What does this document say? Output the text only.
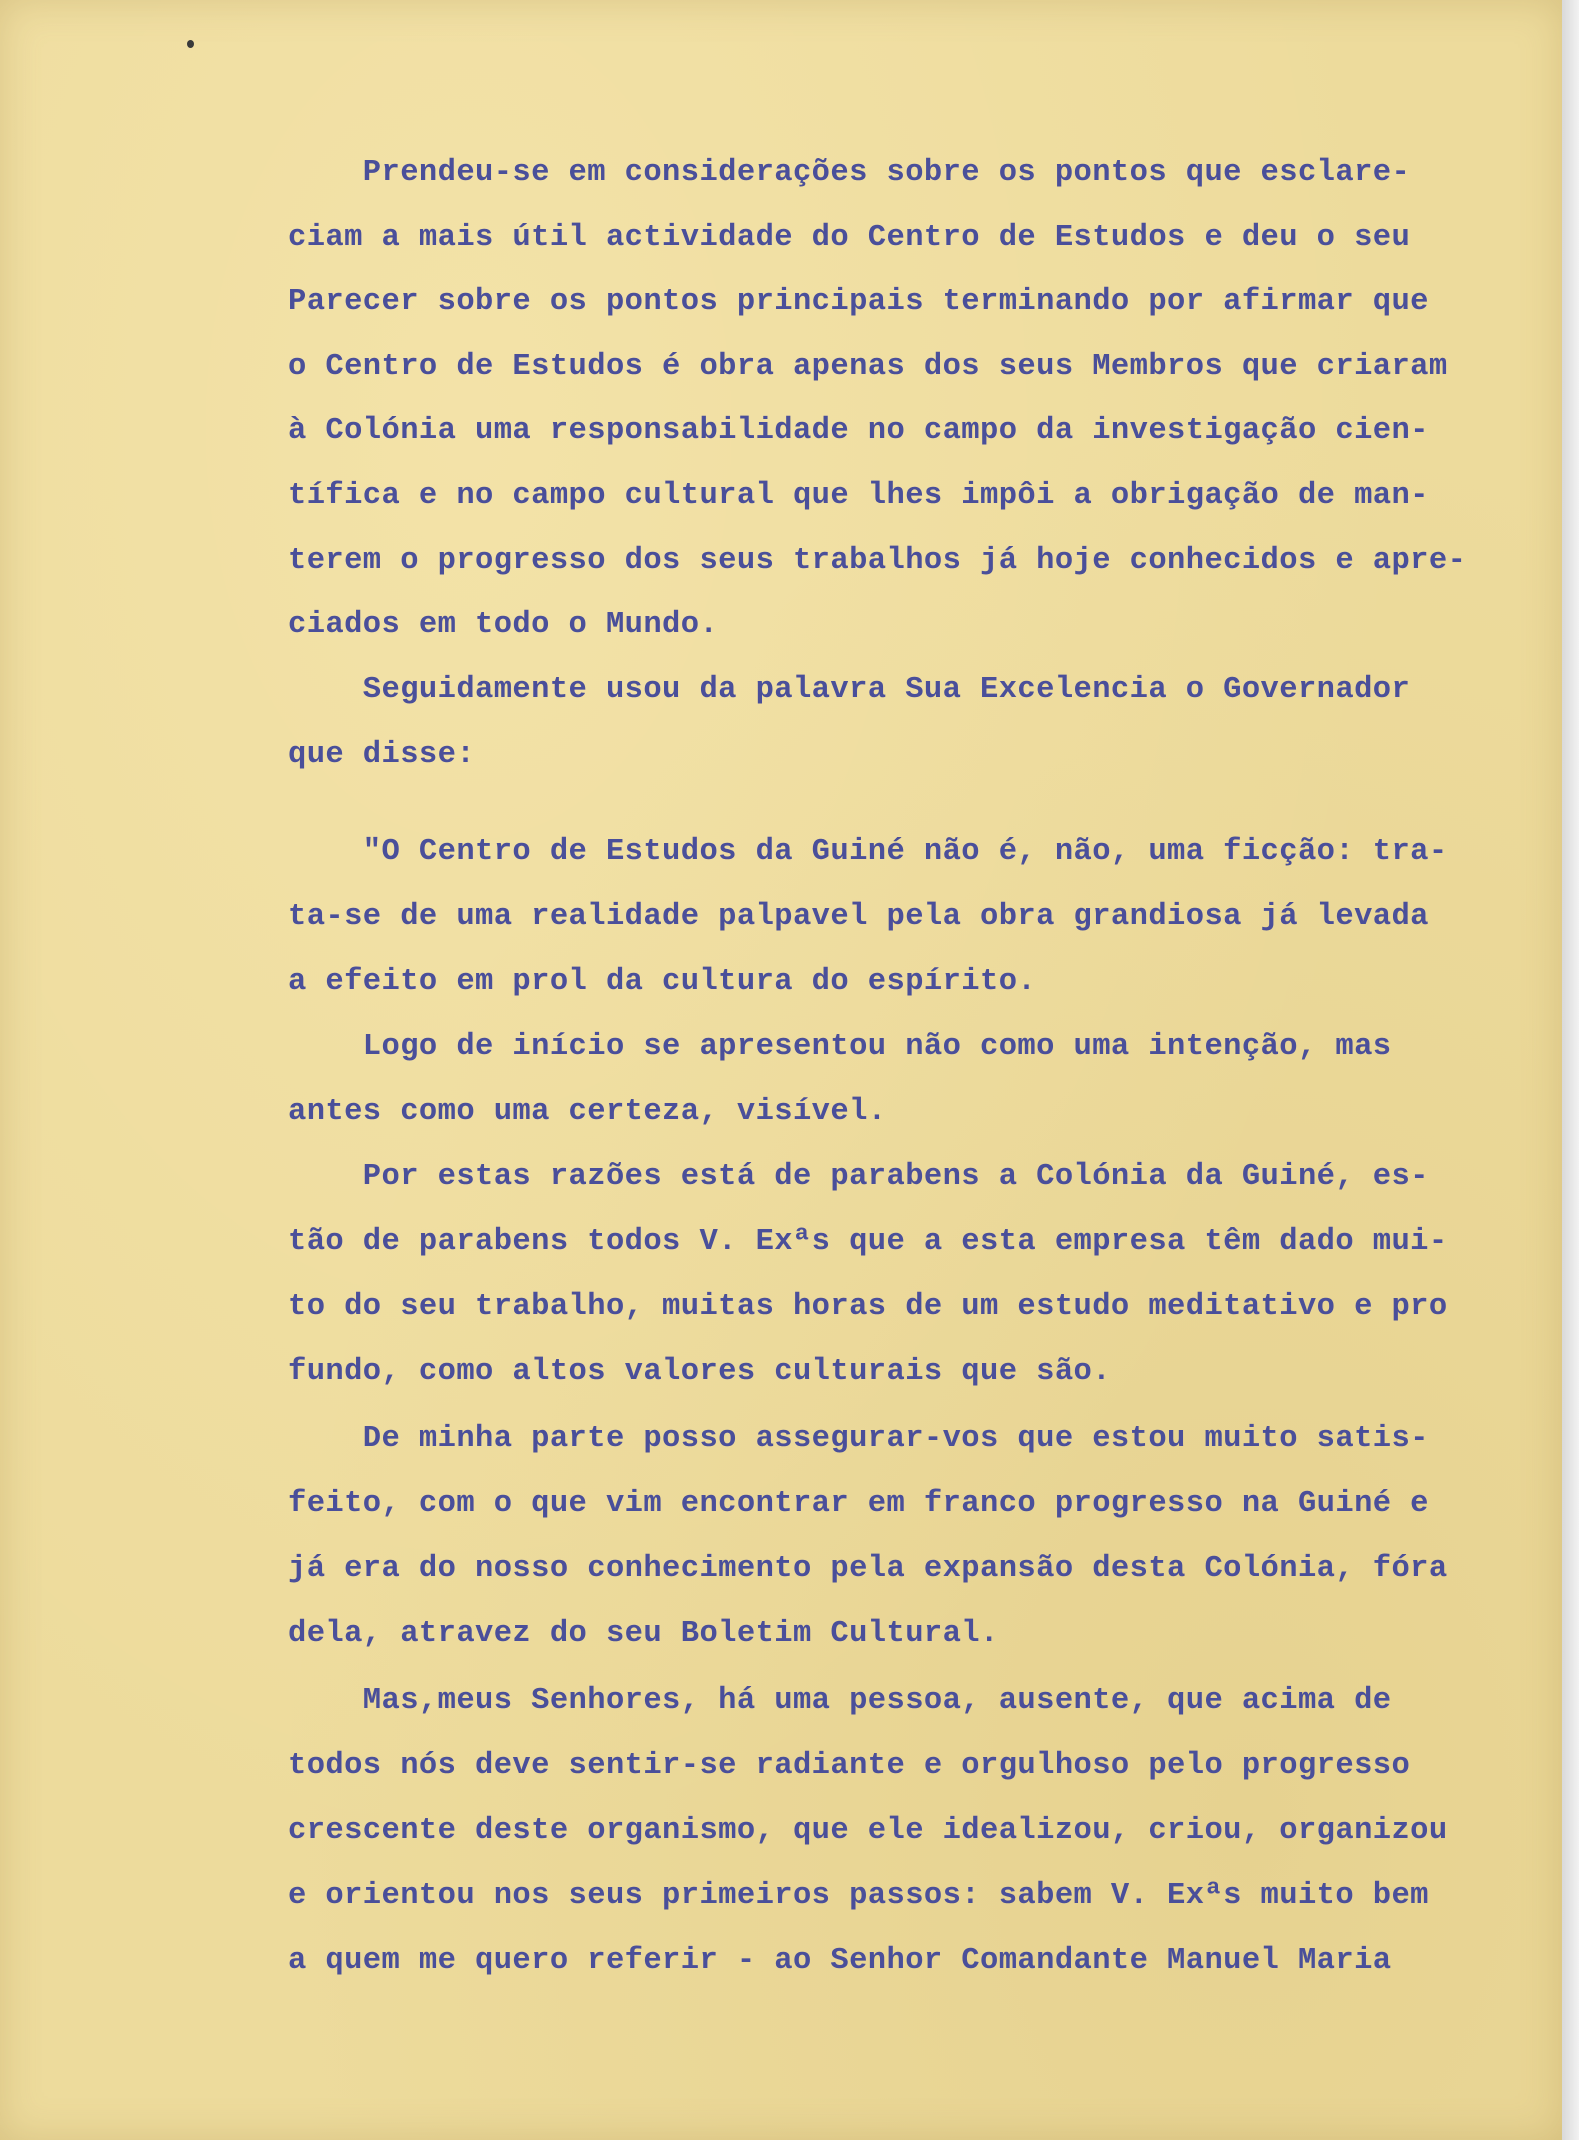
Prendeu-se em considerações sobre os pontos que esclare-
ciam a mais útil actividade do Centro de Estudos e deu o seu
Parecer sobre os pontos principais terminando por afirmar que
o Centro de Estudos é obra apenas dos seus Membros que criaram
à Colónia uma responsabilidade no campo da investigação cien-
tífica e no campo cultural que lhes impôi a obrigação de man-
terem o progresso dos seus trabalhos já hoje conhecidos e apre-
ciados em todo o Mundo.
Seguidamente usou da palavra Sua Excelencia o Governador
que disse:
"O Centro de Estudos da Guiné não é, não, uma ficção: tra-
ta-se de uma realidade palpavel pela obra grandiosa já levada
a efeito em prol da cultura do espírito.
Logo de início se apresentou não como uma intenção, mas
antes como uma certeza, visível.
Por estas razões está de parabens a Colónia da Guiné, es-
tão de parabens todos V. Exªs que a esta empresa têm dado mui-
to do seu trabalho, muitas horas de um estudo meditativo e pro
fundo, como altos valores culturais que são.
De minha parte posso assegurar-vos que estou muito satis-
feito, com o que vim encontrar em franco progresso na Guiné e
já era do nosso conhecimento pela expansão desta Colónia, fóra
dela, atravez do seu Boletim Cultural.
Mas,meus Senhores, há uma pessoa, ausente, que acima de
todos nós deve sentir-se radiante e orgulhoso pelo progresso
crescente deste organismo, que ele idealizou, criou, organizou
e orientou nos seus primeiros passos: sabem V. Exªs muito bem
a quem me quero referir - ao Senhor Comandante Manuel Maria
